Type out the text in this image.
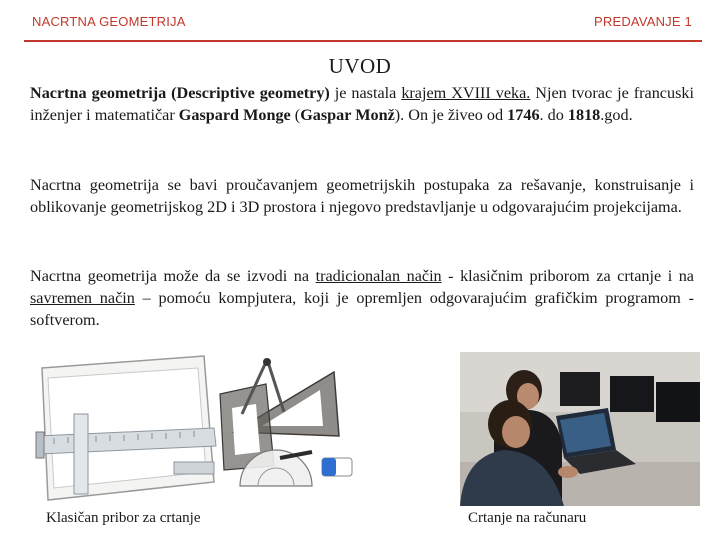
NACRTNA GEOMETRIJA	PREDAVANJE 1
UVOD

Nacrtna geometrija (Descriptive geometry) je nastala krajem XVIII veka. Njen tvorac je francuski inženjer i matematičar Gaspard Monge (Gaspar Monž). On je živeo od 1746. do 1818.god.

Nacrtna geometrija se bavi proučavanjem geometrijskih postupaka za rešavanje, konstruisanje i oblikovanje geometrijskog 2D i 3D prostora i njegovo predstavljanje u odgovarajućim projekcijama.

Nacrtna geometrija može da se izvodi na tradicionalan način - klasičnim priborom za crtanje i na savremen način – pomoću kompjutera, koji je opremljen odgovarajućim grafičkim programom - softverom.

Klasičan pribor za crtanje	Crtanje na računaru
